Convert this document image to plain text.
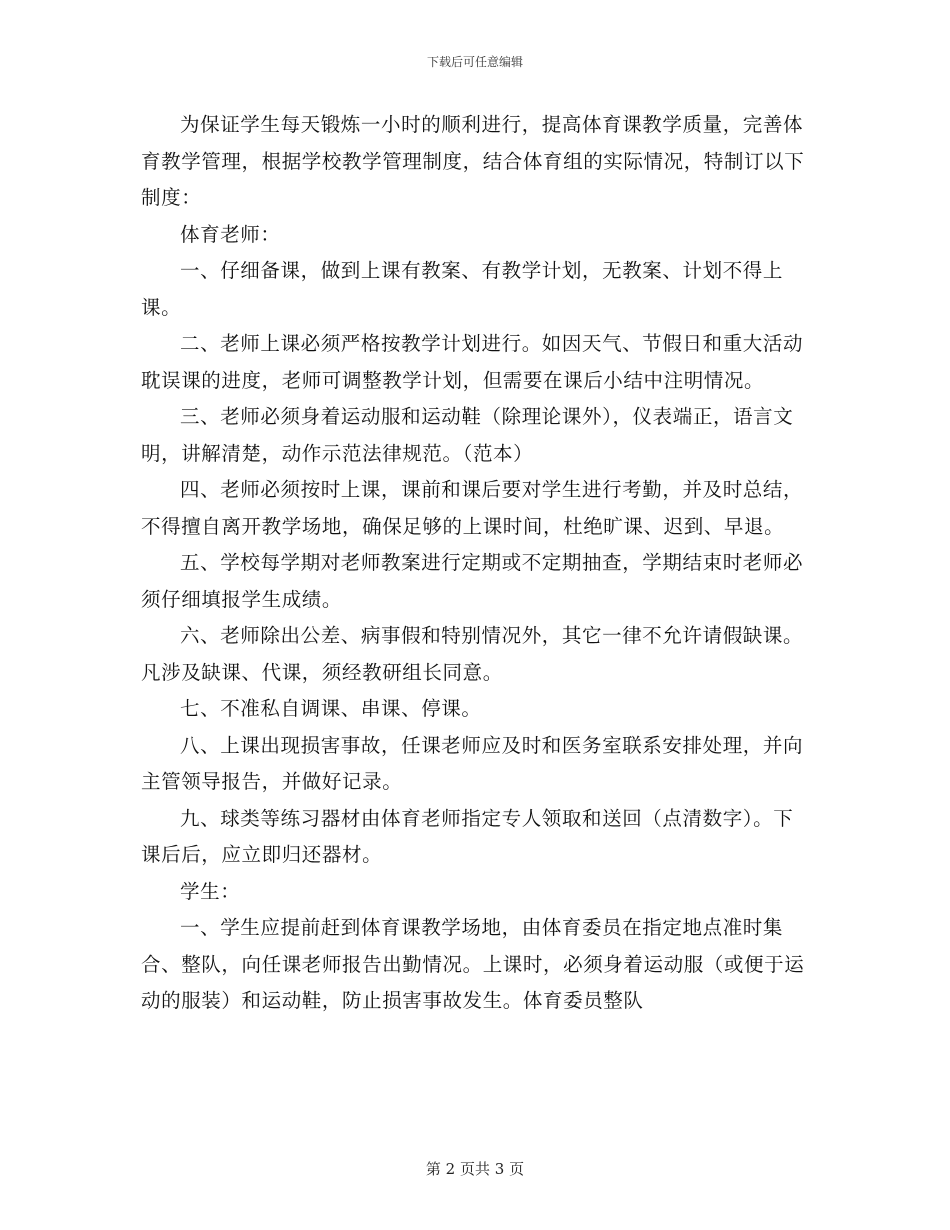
下载后可任意编辑

为保证学生每天锻炼一小时的顺利进行，提高体育课教学质量，完善体育教学管理，根据学校教学管理制度，结合体育组的实际情况，特制订以下制度：

体育老师：

一、仔细备课，做到上课有教案、有教学计划，无教案、计划不得上课。

二、老师上课必须严格按教学计划进行。如因天气、节假日和重大活动耽误课的进度，老师可调整教学计划，但需要在课后小结中注明情况。

三、老师必须身着运动服和运动鞋（除理论课外），仪表端正，语言文明，讲解清楚，动作示范法律规范。（范本）

四、老师必须按时上课，课前和课后要对学生进行考勤，并及时总结，不得擅自离开教学场地，确保足够的上课时间，杜绝旷课、迟到、早退。

五、学校每学期对老师教案进行定期或不定期抽查，学期结束时老师必须仔细填报学生成绩。

六、老师除出公差、病事假和特别情况外，其它一律不允许请假缺课。凡涉及缺课、代课，须经教研组长同意。

七、不准私自调课、串课、停课。

八、上课出现损害事故，任课老师应及时和医务室联系安排处理，并向主管领导报告，并做好记录。

九、球类等练习器材由体育老师指定专人领取和送回（点清数字）。下课后后，应立即归还器材。

学生：

一、学生应提前赶到体育课教学场地，由体育委员在指定地点准时集合、整队，向任课老师报告出勤情况。上课时，必须身着运动服（或便于运动的服装）和运动鞋，防止损害事故发生。体育委员整队

第 2 页共 3 页
